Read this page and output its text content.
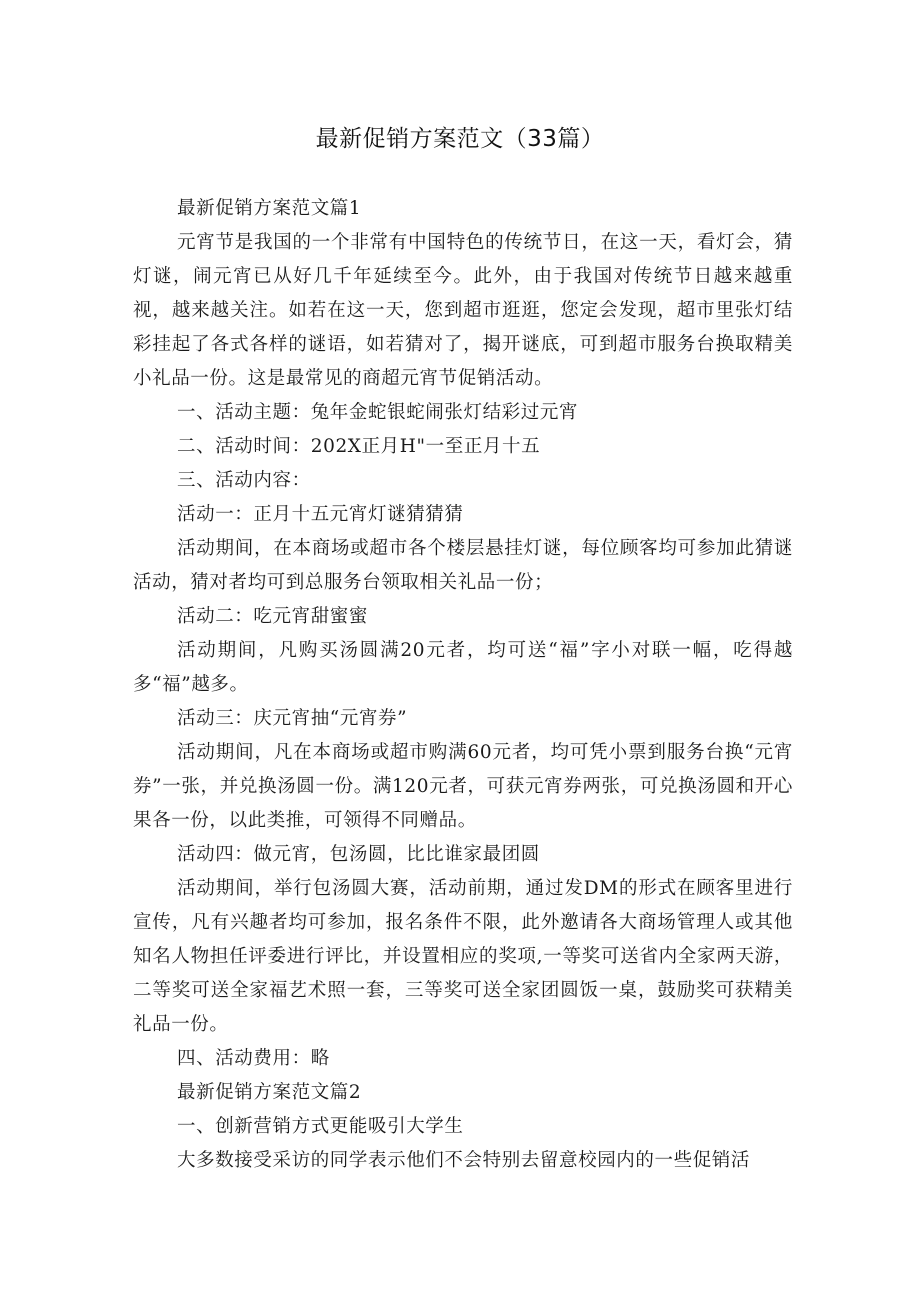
最新促销方案范文（33篇）

最新促销方案范文篇1

元宵节是我国的一个非常有中国特色的传统节日，在这一天，看灯会，猜灯谜，闹元宵已从好几千年延续至今。此外，由于我国对传统节日越来越重视，越来越关注。如若在这一天，您到超市逛逛，您定会发现，超市里张灯结彩挂起了各式各样的谜语，如若猜对了，揭开谜底，可到超市服务台换取精美小礼品一份。这是最常见的商超元宵节促销活动。

一、活动主题：兔年金蛇银蛇闹张灯结彩过元宵

二、活动时间：202X正月H"一至正月十五

三、活动内容：

活动一：正月十五元宵灯谜猜猜猜

活动期间，在本商场或超市各个楼层悬挂灯谜，每位顾客均可参加此猜谜活动，猜对者均可到总服务台领取相关礼品一份；

活动二：吃元宵甜蜜蜜

活动期间，凡购买汤圆满20元者，均可送“福”字小对联一幅，吃得越多“福”越多。

活动三：庆元宵抽“元宵券”

活动期间，凡在本商场或超市购满60元者，均可凭小票到服务台换“元宵券”一张，并兑换汤圆一份。满120元者，可获元宵券两张，可兑换汤圆和开心果各一份，以此类推，可领得不同赠品。

活动四：做元宵，包汤圆，比比谁家最团圆

活动期间，举行包汤圆大赛，活动前期，通过发DM的形式在顾客里进行宣传，凡有兴趣者均可参加，报名条件不限，此外邀请各大商场管理人或其他知名人物担任评委进行评比，并设置相应的奖项,一等奖可送省内全家两天游，二等奖可送全家福艺术照一套，三等奖可送全家团圆饭一桌，鼓励奖可获精美礼品一份。

四、活动费用：略

最新促销方案范文篇2

一、创新营销方式更能吸引大学生

大多数接受采访的同学表示他们不会特别去留意校园内的一些促销活
